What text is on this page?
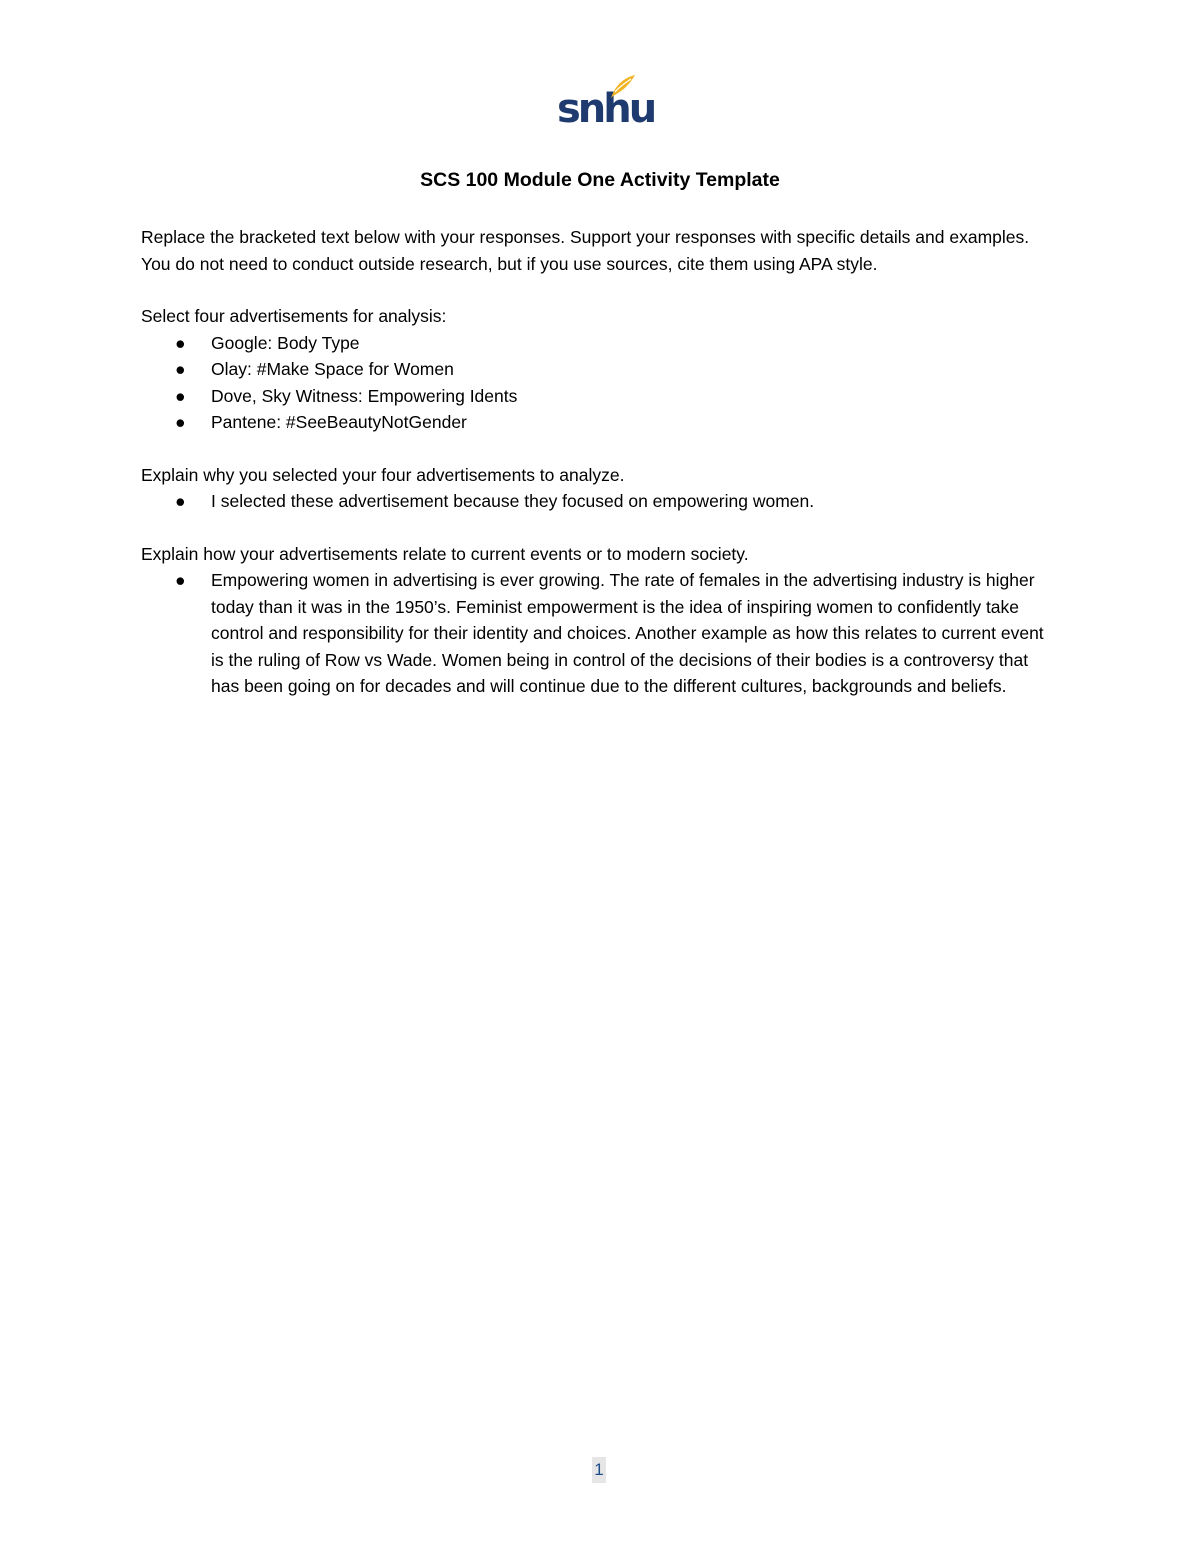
snhu
SCS 100 Module One Activity Template

Replace the bracketed text below with your responses. Support your responses with specific details and examples. You do not need to conduct outside research, but if you use sources, cite them using APA style.

Select four advertisements for analysis:

● Google: Body Type
● Olay: #Make Space for Women
● Dove, Sky Witness: Empowering Idents
● Pantene: #SeeBeautyNotGender

Explain why you selected your four advertisements to analyze.

● I selected these advertisement because they focused on empowering women.

Explain how your advertisements relate to current events or to modern society.

● Empowering women in advertising is ever growing. The rate of females in the advertising industry is higher today than it was in the 1950’s. Feminist empowerment is the idea of inspiring women to confidently take control and responsibility for their identity and choices. Another example as how this relates to current event is the ruling of Row vs Wade. Women being in control of the decisions of their bodies is a controversy that has been going on for decades and will continue due to the different cultures, backgrounds and beliefs.
1
